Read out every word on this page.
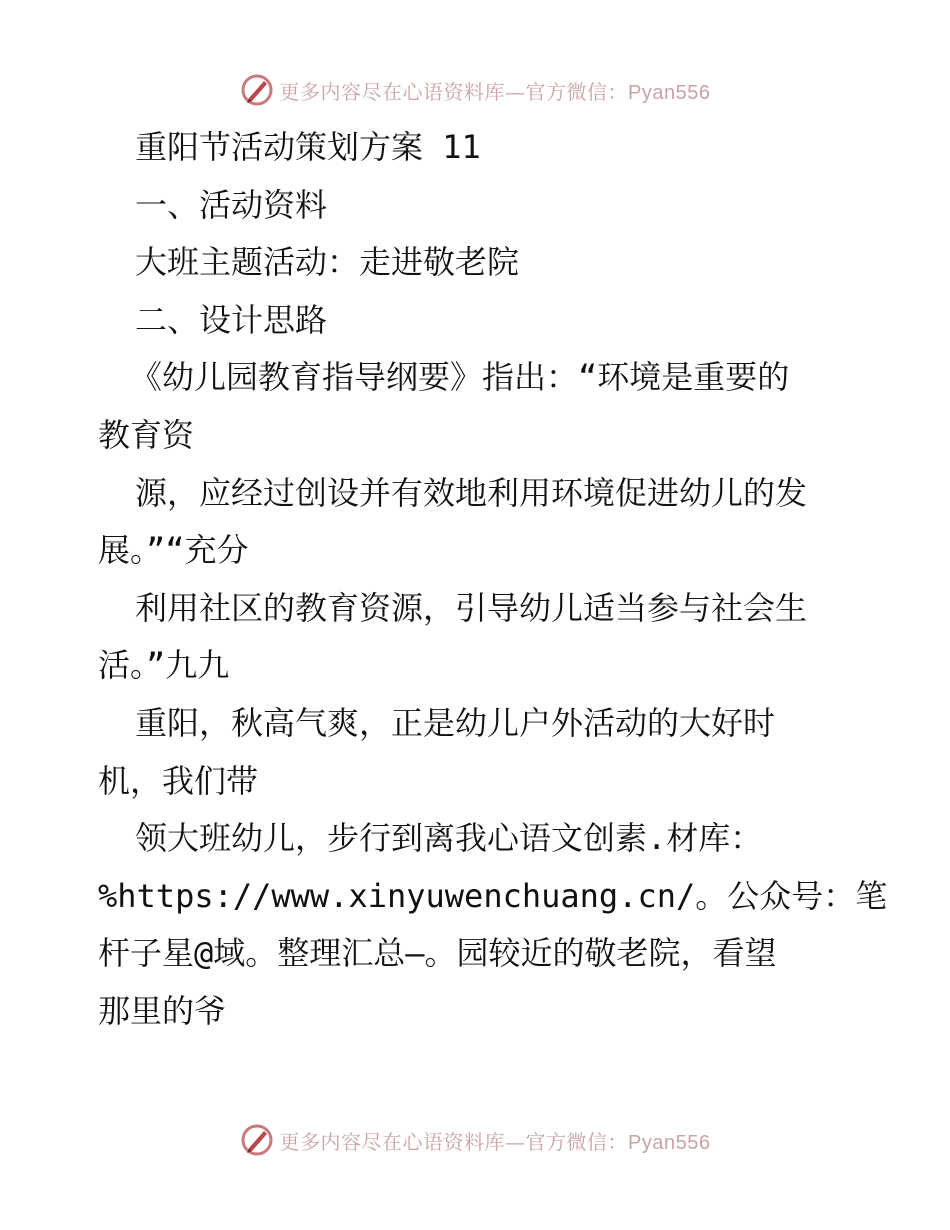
更多内容尽在心语资料库—官方微信：Pyan556
重阳节活动策划方案 11
一、活动资料
大班主题活动：走进敬老院
二、设计思路
《幼儿园教育指导纲要》指出：“环境是重要的
教育资
源，应经过创设并有效地利用环境促进幼儿的发
展。”“充分
利用社区的教育资源，引导幼儿适当参与社会生
活。”九九
重阳，秋高气爽，正是幼儿户外活动的大好时
机，我们带
领大班幼儿，步行到离我心语文创素.材库：
%https://www.xinyuwenchuang.cn/。公众号：笔
杆子星@域。整理汇总—。园较近的敬老院，看望
那里的爷
更多内容尽在心语资料库—官方微信：Pyan556
